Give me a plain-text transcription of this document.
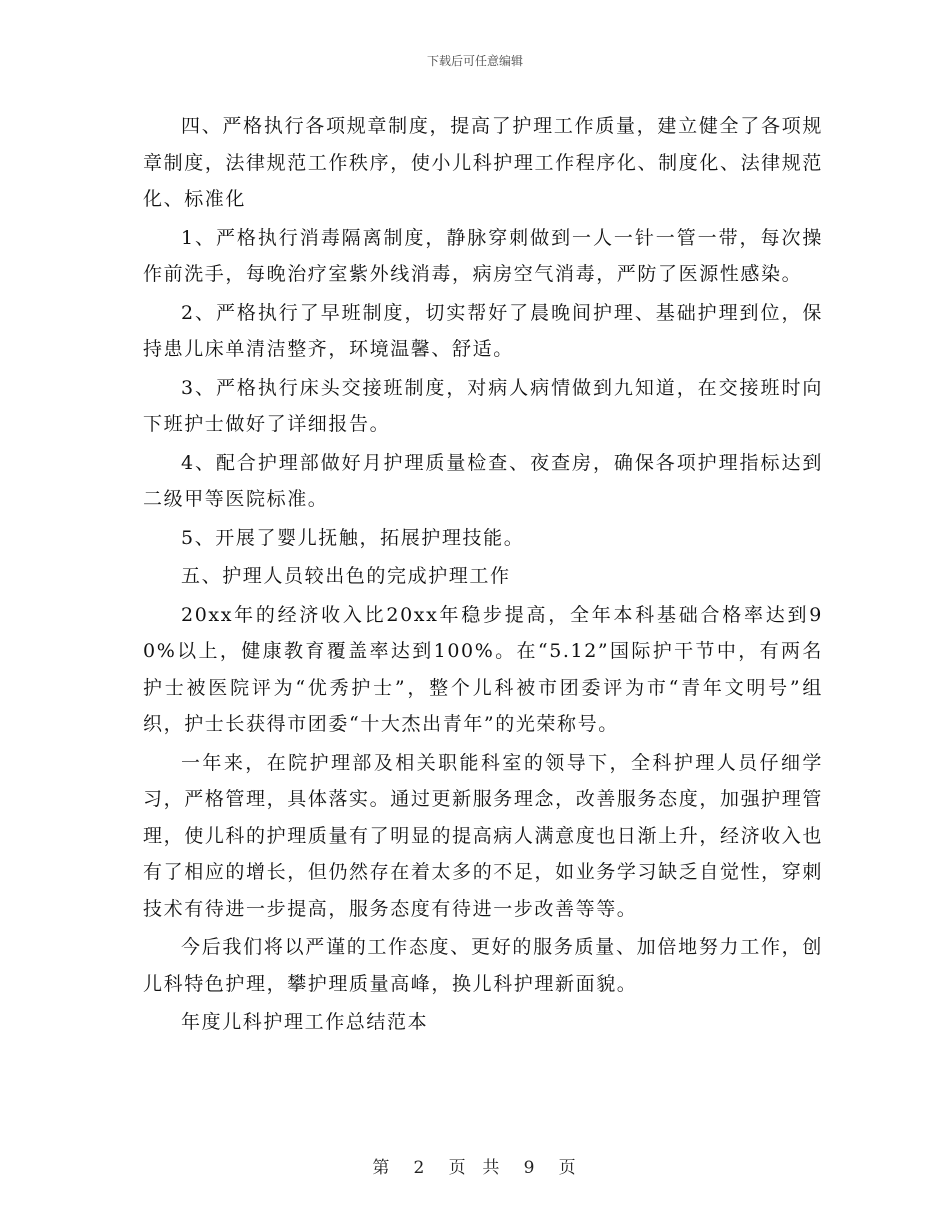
下载后可任意编辑

四、严格执行各项规章制度，提高了护理工作质量，建立健全了各项规章制度，法律规范工作秩序，使小儿科护理工作程序化、制度化、法律规范化、标准化

1、严格执行消毒隔离制度，静脉穿刺做到一人一针一管一带，每次操作前洗手，每晚治疗室紫外线消毒，病房空气消毒，严防了医源性感染。

2、严格执行了早班制度，切实帮好了晨晚间护理、基础护理到位，保持患儿床单清洁整齐，环境温馨、舒适。

3、严格执行床头交接班制度，对病人病情做到九知道，在交接班时向下班护士做好了详细报告。

4、配合护理部做好月护理质量检查、夜查房，确保各项护理指标达到二级甲等医院标准。

5、开展了婴儿抚触，拓展护理技能。

五、护理人员较出色的完成护理工作

20xx年的经济收入比20xx年稳步提高，全年本科基础合格率达到90%以上，健康教育覆盖率达到100%。在“5.12”国际护干节中，有两名护士被医院评为“优秀护士”，整个儿科被市团委评为市“青年文明号”组织，护士长获得市团委“十大杰出青年”的光荣称号。

一年来，在院护理部及相关职能科室的领导下，全科护理人员仔细学习，严格管理，具体落实。通过更新服务理念，改善服务态度，加强护理管理，使儿科的护理质量有了明显的提高病人满意度也日渐上升，经济收入也有了相应的增长，但仍然存在着太多的不足，如业务学习缺乏自觉性，穿刺技术有待进一步提高，服务态度有待进一步改善等等。

今后我们将以严谨的工作态度、更好的服务质量、加倍地努力工作，创儿科特色护理，攀护理质量高峰，换儿科护理新面貌。

年度儿科护理工作总结范本

第 2 页  共 9 页
